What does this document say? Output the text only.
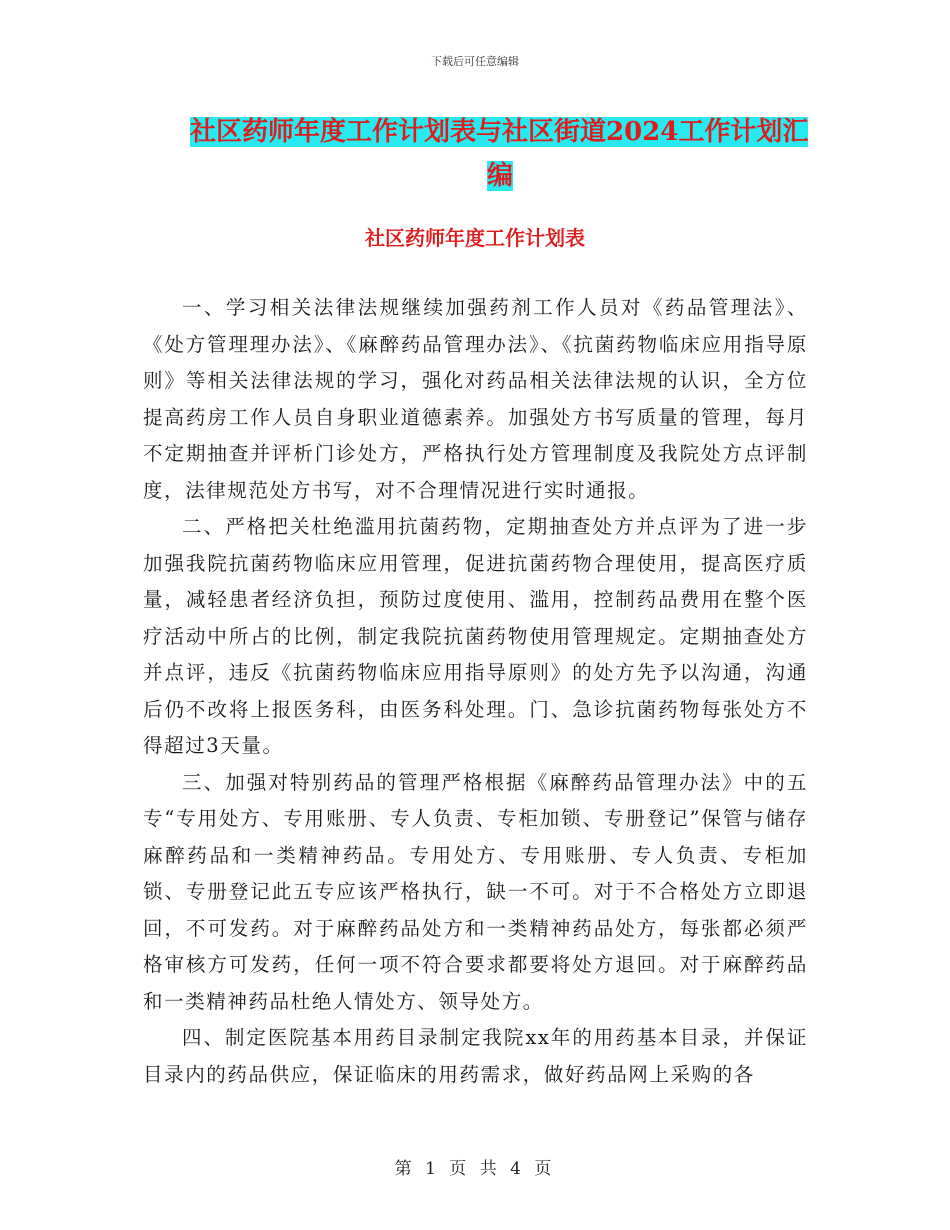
下载后可任意编辑
社区药师年度工作计划表与社区街道2024工作计划汇

编
社区药师年度工作计划表

一、学习相关法律法规继续加强药剂工作人员对《药品管理法》、《处方管理理办法》、《麻醉药品管理办法》、《抗菌药物临床应用指导原则》等相关法律法规的学习，强化对药品相关法律法规的认识，全方位提高药房工作人员自身职业道德素养。加强处方书写质量的管理，每月不定期抽查并评析门诊处方，严格执行处方管理制度及我院处方点评制度，法律规范处方书写，对不合理情况进行实时通报。

二、严格把关杜绝滥用抗菌药物，定期抽查处方并点评为了进一步加强我院抗菌药物临床应用管理，促进抗菌药物合理使用，提高医疗质量，减轻患者经济负担，预防过度使用、滥用，控制药品费用在整个医疗活动中所占的比例，制定我院抗菌药物使用管理规定。定期抽查处方并点评，违反《抗菌药物临床应用指导原则》的处方先予以沟通，沟通后仍不改将上报医务科，由医务科处理。门、急诊抗菌药物每张处方不得超过3天量。

三、加强对特别药品的管理严格根据《麻醉药品管理办法》中的五专“专用处方、专用账册、专人负责、专柜加锁、专册登记”保管与储存麻醉药品和一类精神药品。专用处方、专用账册、专人负责、专柜加锁、专册登记此五专应该严格执行，缺一不可。对于不合格处方立即退回，不可发药。对于麻醉药品处方和一类精神药品处方，每张都必须严格审核方可发药，任何一项不符合要求都要将处方退回。对于麻醉药品和一类精神药品杜绝人情处方、领导处方。

四、制定医院基本用药目录制定我院xx年的用药基本目录，并保证目录内的药品供应，保证临床的用药需求，做好药品网上采购的各

第 1 页 共 4 页
